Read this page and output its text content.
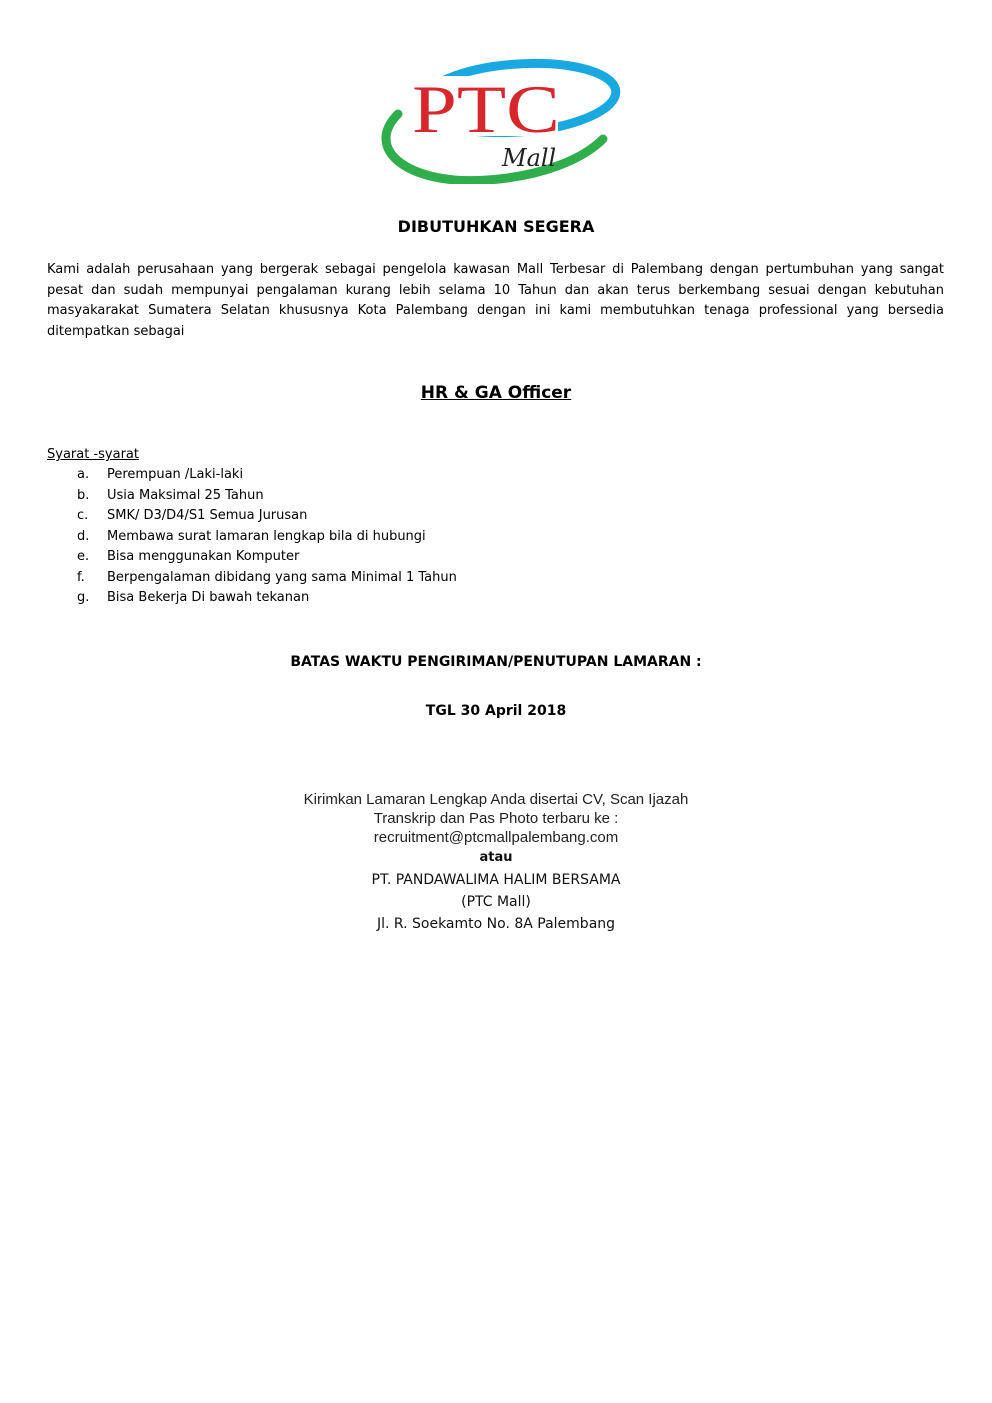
PTC
Mall
DIBUTUHKAN SEGERA

Kami adalah perusahaan yang bergerak sebagai pengelola kawasan Mall Terbesar di Palembang dengan pertumbuhan yang sangat pesat dan sudah mempunyai pengalaman kurang lebih selama 10 Tahun dan akan terus berkembang sesuai dengan kebutuhan masyakarakat Sumatera Selatan khususnya Kota Palembang dengan ini kami membutuhkan tenaga professional yang bersedia ditempatkan sebagai

HR & GA Officer
Syarat -syarat
a. Perempuan /Laki-laki
b. Usia Maksimal 25 Tahun
c. SMK/ D3/D4/S1 Semua Jurusan
d. Membawa surat lamaran lengkap bila di hubungi
e. Bisa menggunakan Komputer
f. Berpengalaman dibidang yang sama Minimal 1 Tahun
g. Bisa Bekerja Di bawah tekanan
BATAS WAKTU PENGIRIMAN/PENUTUPAN LAMARAN :
TGL 30 April 2018
Kirimkan Lamaran Lengkap Anda disertai CV, Scan Ijazah
Transkrip dan Pas Photo terbaru ke :
recruitment@ptcmallpalembang.com
atau
PT. PANDAWALIMA HALIM BERSAMA
(PTC Mall)
Jl. R. Soekamto No. 8A Palembang
